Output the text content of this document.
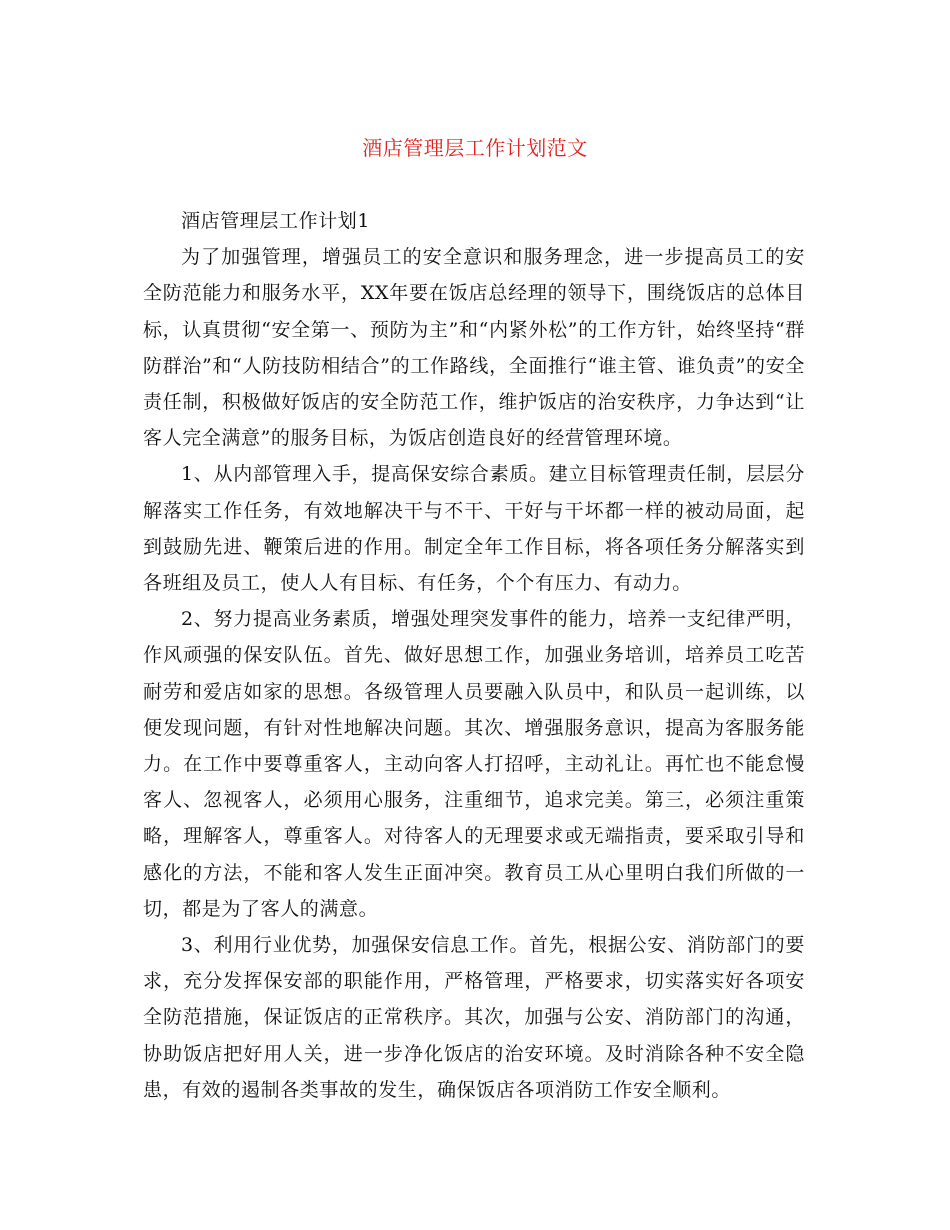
酒店管理层工作计划范文

酒店管理层工作计划1

为了加强管理，增强员工的安全意识和服务理念，进一步提高员工的安全防范能力和服务水平，XX年要在饭店总经理的领导下，围绕饭店的总体目标，认真贯彻“安全第一、预防为主”和“内紧外松”的工作方针，始终坚持“群防群治”和“人防技防相结合”的工作路线，全面推行“谁主管、谁负责”的安全责任制，积极做好饭店的安全防范工作，维护饭店的治安秩序，力争达到“让客人完全满意”的服务目标，为饭店创造良好的经营管理环境。

1、从内部管理入手，提高保安综合素质。建立目标管理责任制，层层分解落实工作任务，有效地解决干与不干、干好与干坏都一样的被动局面，起到鼓励先进、鞭策后进的作用。制定全年工作目标，将各项任务分解落实到各班组及员工，使人人有目标、有任务，个个有压力、有动力。

2、努力提高业务素质，增强处理突发事件的能力，培养一支纪律严明，作风顽强的保安队伍。首先、做好思想工作，加强业务培训，培养员工吃苦耐劳和爱店如家的思想。各级管理人员要融入队员中，和队员一起训练，以便发现问题，有针对性地解决问题。其次、增强服务意识，提高为客服务能力。在工作中要尊重客人，主动向客人打招呼，主动礼让。再忙也不能怠慢客人、忽视客人，必须用心服务，注重细节，追求完美。第三，必须注重策略，理解客人，尊重客人。对待客人的无理要求或无端指责，要采取引导和感化的方法，不能和客人发生正面冲突。教育员工从心里明白我们所做的一切，都是为了客人的满意。

3、利用行业优势，加强保安信息工作。首先，根据公安、消防部门的要求，充分发挥保安部的职能作用，严格管理，严格要求，切实落实好各项安全防范措施，保证饭店的正常秩序。其次，加强与公安、消防部门的沟通，协助饭店把好用人关，进一步净化饭店的治安环境。及时消除各种不安全隐患，有效的遏制各类事故的发生，确保饭店各项消防工作安全顺利。
